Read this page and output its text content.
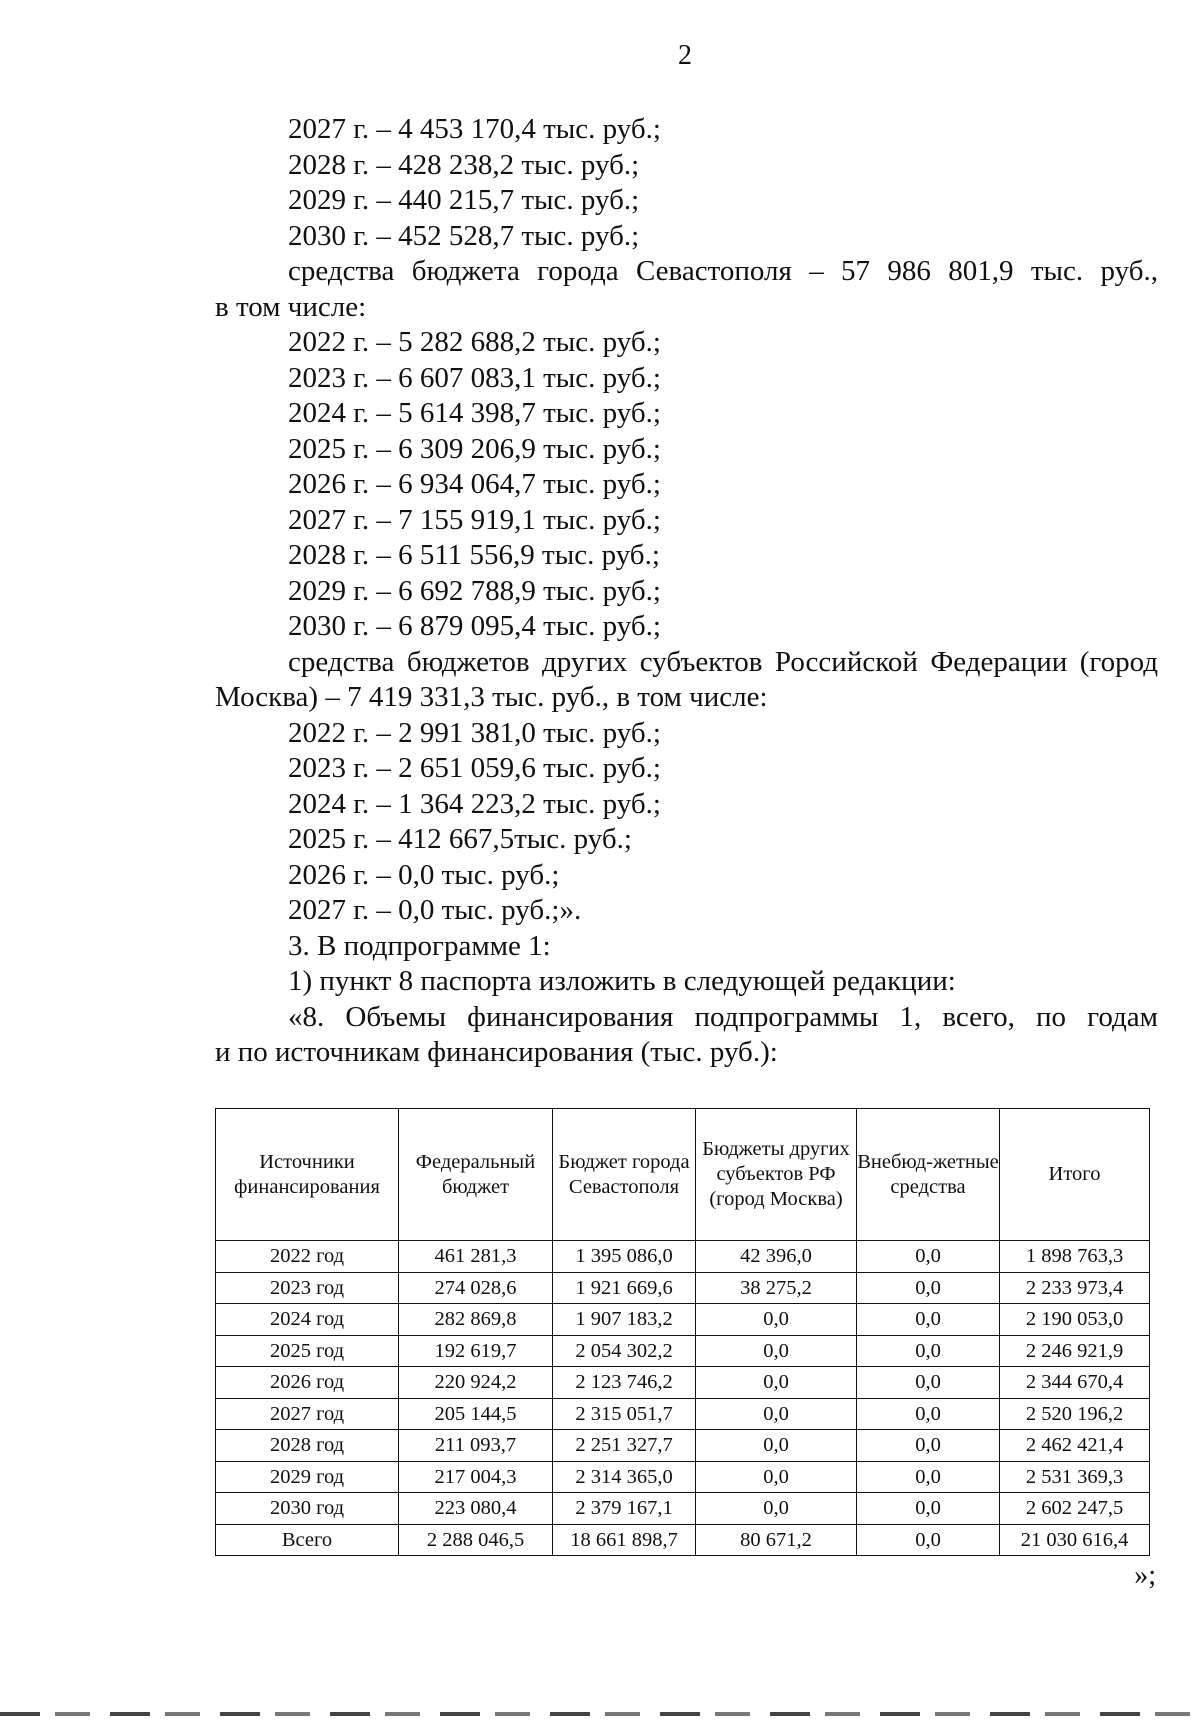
2
2027 г. – 4 453 170,4 тыс. руб.;
2028 г. – 428 238,2 тыс. руб.;
2029 г. – 440 215,7 тыс. руб.;
2030 г. – 452 528,7 тыс. руб.;
средства бюджета города Севастополя – 57 986 801,9 тыс. руб.,
в том числе:
2022 г. – 5 282 688,2 тыс. руб.;
2023 г. – 6 607 083,1 тыс. руб.;
2024 г. – 5 614 398,7 тыс. руб.;
2025 г. – 6 309 206,9 тыс. руб.;
2026 г. – 6 934 064,7 тыс. руб.;
2027 г. – 7 155 919,1 тыс. руб.;
2028 г. – 6 511 556,9 тыс. руб.;
2029 г. – 6 692 788,9 тыс. руб.;
2030 г. – 6 879 095,4 тыс. руб.;
средства бюджетов других субъектов Российской Федерации (город
Москва) – 7 419 331,3 тыс. руб., в том числе:
2022 г. – 2 991 381,0 тыс. руб.;
2023 г. – 2 651 059,6 тыс. руб.;
2024 г. – 1 364 223,2 тыс. руб.;
2025 г. – 412 667,5тыс. руб.;
2026 г. – 0,0 тыс. руб.;
2027 г. – 0,0 тыс. руб.;».
3. В подпрограмме 1:
1) пункт 8 паспорта изложить в следующей редакции:
«8. Объемы финансирования подпрограммы 1, всего, по годам
и по источникам финансирования (тыс. руб.):
Источники финансирования	Федеральный бюджет	Бюджет города Севастополя	Бюджеты других субъектов РФ (город Москва)	Внебюд-жетные средства	Итого
2022 год	461 281,3	1 395 086,0	42 396,0	0,0	1 898 763,3
2023 год	274 028,6	1 921 669,6	38 275,2	0,0	2 233 973,4
2024 год	282 869,8	1 907 183,2	0,0	0,0	2 190 053,0
2025 год	192 619,7	2 054 302,2	0,0	0,0	2 246 921,9
2026 год	220 924,2	2 123 746,2	0,0	0,0	2 344 670,4
2027 год	205 144,5	2 315 051,7	0,0	0,0	2 520 196,2
2028 год	211 093,7	2 251 327,7	0,0	0,0	2 462 421,4
2029 год	217 004,3	2 314 365,0	0,0	0,0	2 531 369,3
2030 год	223 080,4	2 379 167,1	0,0	0,0	2 602 247,5
Всего	2 288 046,5	18 661 898,7	80 671,2	0,0	21 030 616,4
»;
